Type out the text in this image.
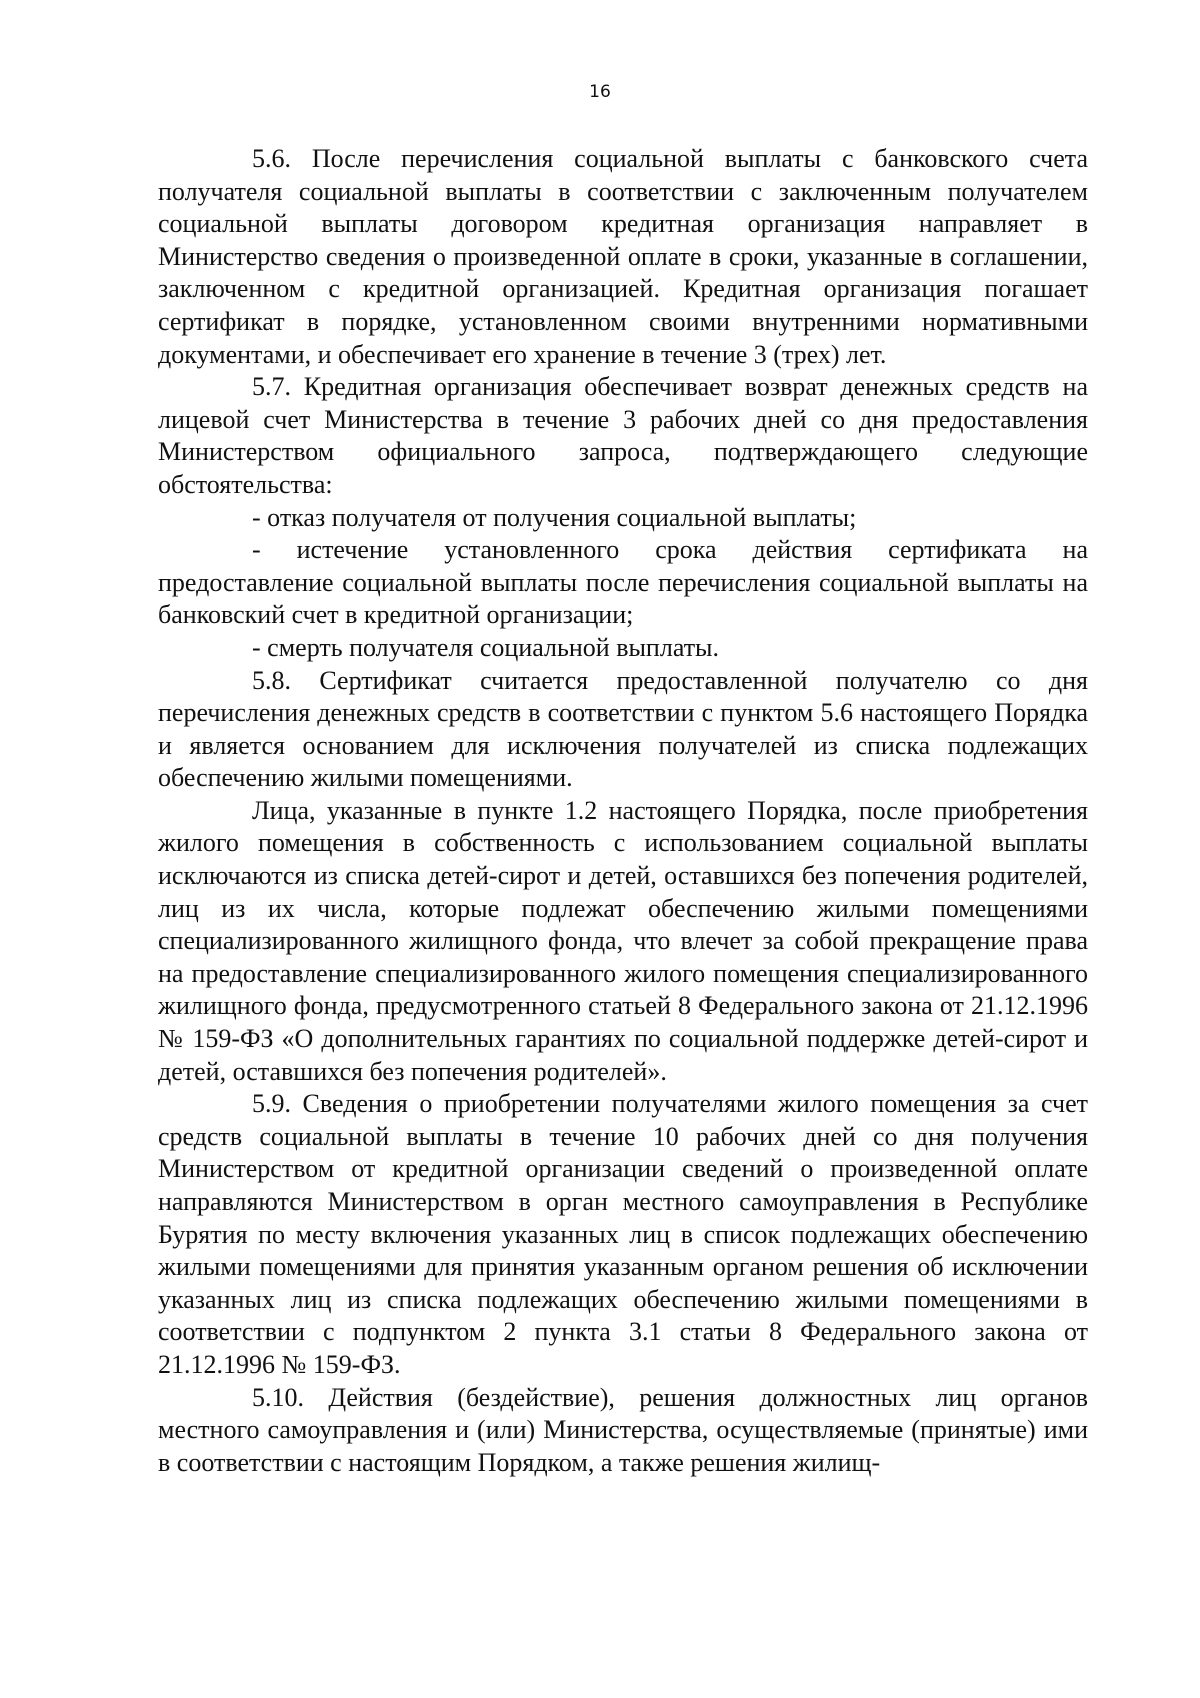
16

5.6. После перечисления социальной выплаты с банковского счета получателя социальной выплаты в соответствии с заключенным получателем социальной выплаты договором кредитная организация направляет в Министерство сведения о произведенной оплате в сроки, указанные в соглашении, заключенном с кредитной организацией. Кредитная организация погашает сертификат в порядке, установленном своими внутренними нормативными документами, и обеспечивает его хранение в течение 3 (трех) лет.

5.7. Кредитная организация обеспечивает возврат денежных средств на лицевой счет Министерства в течение 3 рабочих дней со дня предоставления Министерством официального запроса, подтверждающего следующие обстоятельства:

- отказ получателя от получения социальной выплаты;

- истечение установленного срока действия сертификата на предоставление социальной выплаты после перечисления социальной выплаты на банковский счет в кредитной организации;

- смерть получателя социальной выплаты.

5.8. Сертификат считается предоставленной получателю со дня перечисления денежных средств в соответствии с пунктом 5.6 настоящего Порядка и является основанием для исключения получателей из списка подлежащих обеспечению жилыми помещениями.

Лица, указанные в пункте 1.2 настоящего Порядка, после приобретения жилого помещения в собственность с использованием социальной выплаты исключаются из списка детей-сирот и детей, оставшихся без попечения родителей, лиц из их числа, которые подлежат обеспечению жилыми помещениями специализированного жилищного фонда, что влечет за собой прекращение права на предоставление специализированного жилого помещения специализированного жилищного фонда, предусмотренного статьей 8 Федерального закона от 21.12.1996 № 159-ФЗ «О дополнительных гарантиях по социальной поддержке детей-сирот и детей, оставшихся без попечения родителей».

5.9. Сведения о приобретении получателями жилого помещения за счет средств социальной выплаты в течение 10 рабочих дней со дня получения Министерством от кредитной организации сведений о произведенной оплате направляются Министерством в орган местного самоуправления в Республике Бурятия по месту включения указанных лиц в список подлежащих обеспечению жилыми помещениями для принятия указанным органом решения об исключении указанных лиц из списка подлежащих обеспечению жилыми помещениями в соответствии с подпунктом 2 пункта 3.1 статьи 8 Федерального закона от 21.12.1996 № 159-ФЗ.

5.10. Действия (бездействие), решения должностных лиц органов местного самоуправления и (или) Министерства, осуществляемые (принятые) ими в соответствии с настоящим Порядком, а также решения жилищ-
